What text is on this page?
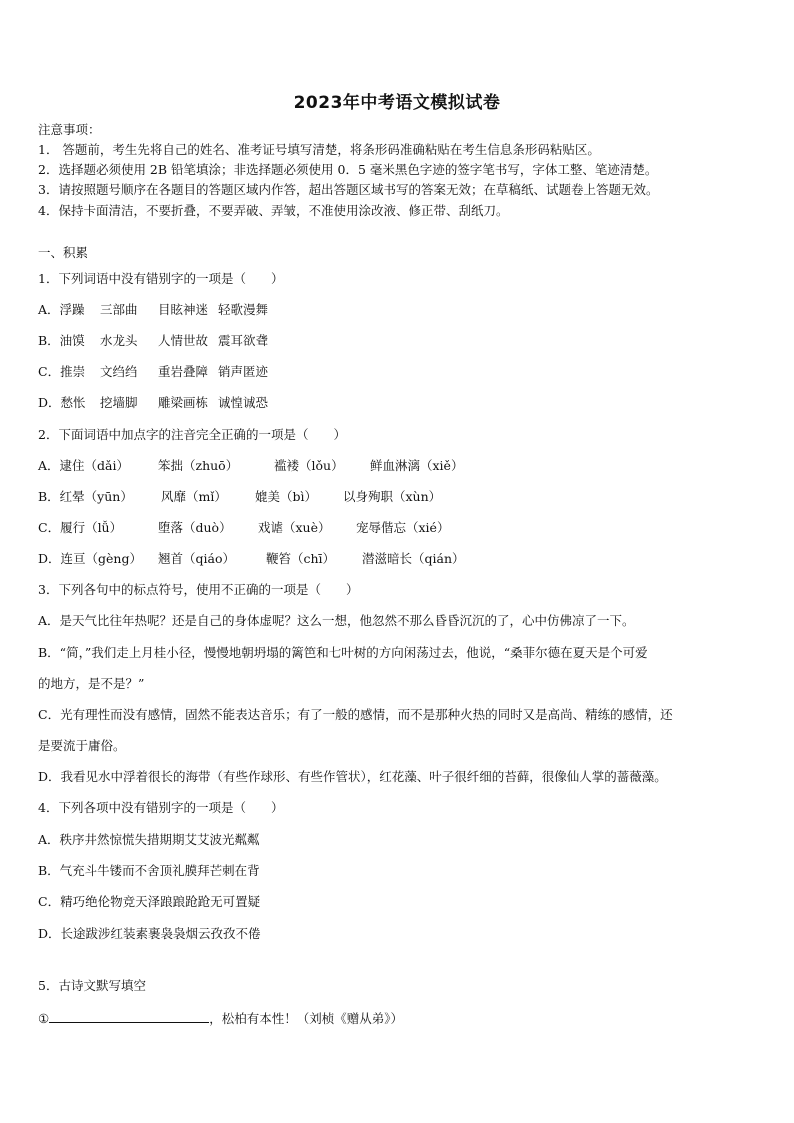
2023年中考语文模拟试卷
注意事项：
1． 答题前，考生先将自己的姓名、准考证号填写清楚，将条形码准确粘贴在考生信息条形码粘贴区。
2．选择题必须使用 2B 铅笔填涂；非选择题必须使用 0．5 毫米黑色字迹的签字笔书写，字体工整、笔迹清楚。
3．请按照题号顺序在各题目的答题区域内作答，超出答题区域书写的答案无效；在草稿纸、试题卷上答题无效。
4．保持卡面清洁，不要折叠，不要弄破、弄皱，不准使用涂改液、修正带、刮纸刀。
一、积累
1．下列词语中没有错别字的一项是（　　）
A．浮躁 三部曲 目眩神迷 轻歌漫舞
B．油馍 水龙头 人情世故 震耳欲聋
C．推崇 文绉绉 重岩叠障 销声匿迹
D．愁怅 挖墙脚 雕梁画栋 诚惶诚恐
2．下面词语中加点字的注音完全正确的一项是（　　）
A．逮住（dǎi） 笨拙（zhuō）	褴褛（lǒu） 鲜血淋漓（xiě）
B．红晕（yūn） 风靡（mǐ） 媲美（bì） 以身殉职（xùn）
C．履行（lǚ）	堕落（duò） 戏谑（xuè） 宠辱偕忘（xié）
D．连亘（gèng） 翘首（qiáo） 鞭笞（chī） 潜滋暗长（qián）
3．下列各句中的标点符号，使用不正确的一项是（　　）
A．是天气比往年热呢？还是自己的身体虚呢？这么一想，他忽然不那么昏昏沉沉的了，心中仿佛凉了一下。
B．“简，”我们走上月桂小径，慢慢地朝坍塌的篱笆和七叶树的方向闲荡过去，他说，“桑菲尔德在夏天是个可爱
的地方，是不是？”
C．光有理性而没有感情，固然不能表达音乐；有了一般的感情，而不是那种火热的同时又是高尚、精练的感情，还
是要流于庸俗。
D．我看见水中浮着很长的海带（有些作球形、有些作管状），红花藻、叶子很纤细的苔藓，很像仙人掌的蔷薇藻。
4．下列各项中没有错别字的一项是（　　）
A．秩序井然惊慌失措期期艾艾波光粼粼
B．气充斗牛镂而不舍顶礼膜拜芒刺在背
C．精巧绝伦物竞天泽踉踉跄跄无可置疑
D．长途跋涉红装素裹袅袅烟云孜孜不倦
5．古诗文默写填空
①	，松柏有本性！（刘桢《赠从弟》）
